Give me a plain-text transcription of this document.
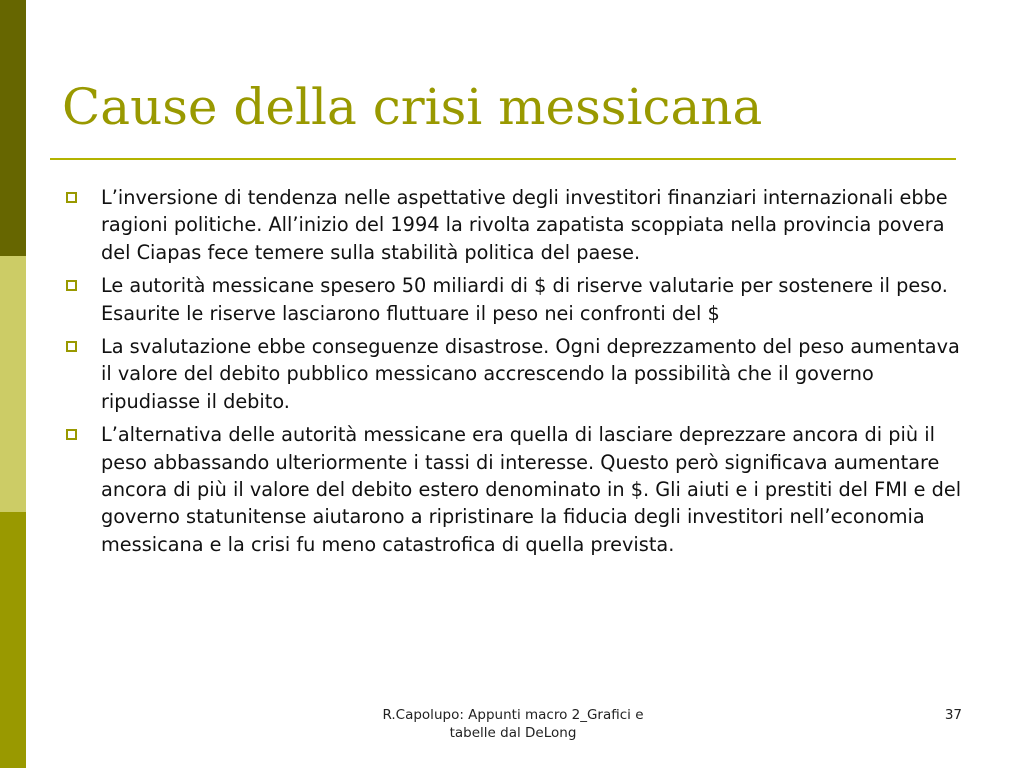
Cause della crisi messicana
L’inversione di tendenza nelle aspettative degli investitori finanziari internazionali ebbe ragioni politiche. All’inizio del 1994 la rivolta zapatista scoppiata nella provincia povera del Ciapas fece temere sulla stabilità politica del paese.
Le autorità messicane spesero 50 miliardi di $ di riserve valutarie per sostenere il peso. Esaurite le riserve lasciarono fluttuare il peso nei confronti del $
La svalutazione ebbe conseguenze disastrose. Ogni deprezzamento del peso aumentava il valore del debito pubblico messicano accrescendo la possibilità che il governo ripudiasse il debito.
L’alternativa delle autorità messicane era quella di lasciare deprezzare ancora di più il peso abbassando ulteriormente i tassi di interesse. Questo però significava aumentare ancora di più il valore del debito estero denominato in $. Gli aiuti e i prestiti del FMI e del governo statunitense aiutarono a ripristinare la fiducia degli investitori nell’economia messicana e la crisi fu meno catastrofica di quella prevista.
R.Capolupo: Appunti macro 2_Grafici e tabelle dal DeLong
37
